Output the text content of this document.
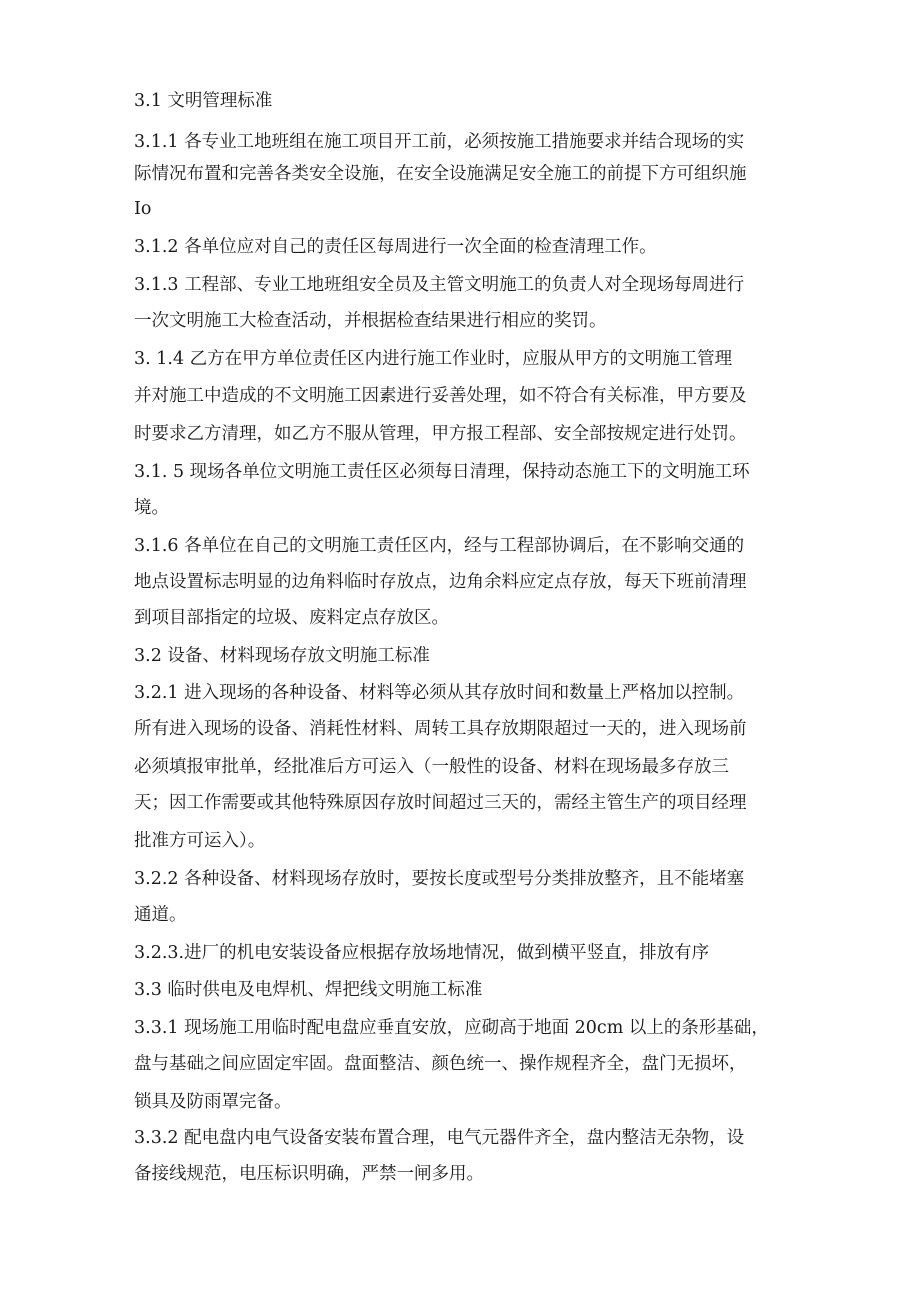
3.1 文明管理标准
3.1.1 各专业工地班组在施工项目开工前，必须按施工措施要求并结合现场的实
际情况布置和完善各类安全设施，在安全设施满足安全施工的前提下方可组织施
Io
3.1.2 各单位应对自己的责任区每周进行一次全面的检查清理工作。
3.1.3 工程部、专业工地班组安全员及主管文明施工的负责人对全现场每周进行
一次文明施工大检查活动，并根据检查结果进行相应的奖罚。
3. 1.4 乙方在甲方单位责任区内进行施工作业时，应服从甲方的文明施工管理
并对施工中造成的不文明施工因素进行妥善处理，如不符合有关标准，甲方要及
时要求乙方清理，如乙方不服从管理，甲方报工程部、安全部按规定进行处罚。
3.1. 5 现场各单位文明施工责任区必须每日清理，保持动态施工下的文明施工环
境。
3.1.6 各单位在自己的文明施工责任区内，经与工程部协调后，在不影响交通的
地点设置标志明显的边角料临时存放点，边角余料应定点存放，每天下班前清理
到项目部指定的垃圾、废料定点存放区。
3.2 设备、材料现场存放文明施工标准
3.2.1 进入现场的各种设备、材料等必须从其存放时间和数量上严格加以控制。
所有进入现场的设备、消耗性材料、周转工具存放期限超过一天的，进入现场前
必须填报审批单，经批准后方可运入（一般性的设备、材料在现场最多存放三
天；因工作需要或其他特殊原因存放时间超过三天的，需经主管生产的项目经理
批准方可运入）。
3.2.2 各种设备、材料现场存放时，要按长度或型号分类排放整齐，且不能堵塞
通道。
3.2.3.进厂的机电安装设备应根据存放场地情况，做到横平竖直，排放有序
3.3 临时供电及电焊机、焊把线文明施工标准
3.3.1 现场施工用临时配电盘应垂直安放，应砌高于地面 20cm 以上的条形基础，
盘与基础之间应固定牢固。盘面整洁、颜色统一、操作规程齐全，盘门无损坏，
锁具及防雨罩完备。
3.3.2 配电盘内电气设备安装布置合理，电气元器件齐全，盘内整洁无杂物，设
备接线规范，电压标识明确，严禁一闸多用。
